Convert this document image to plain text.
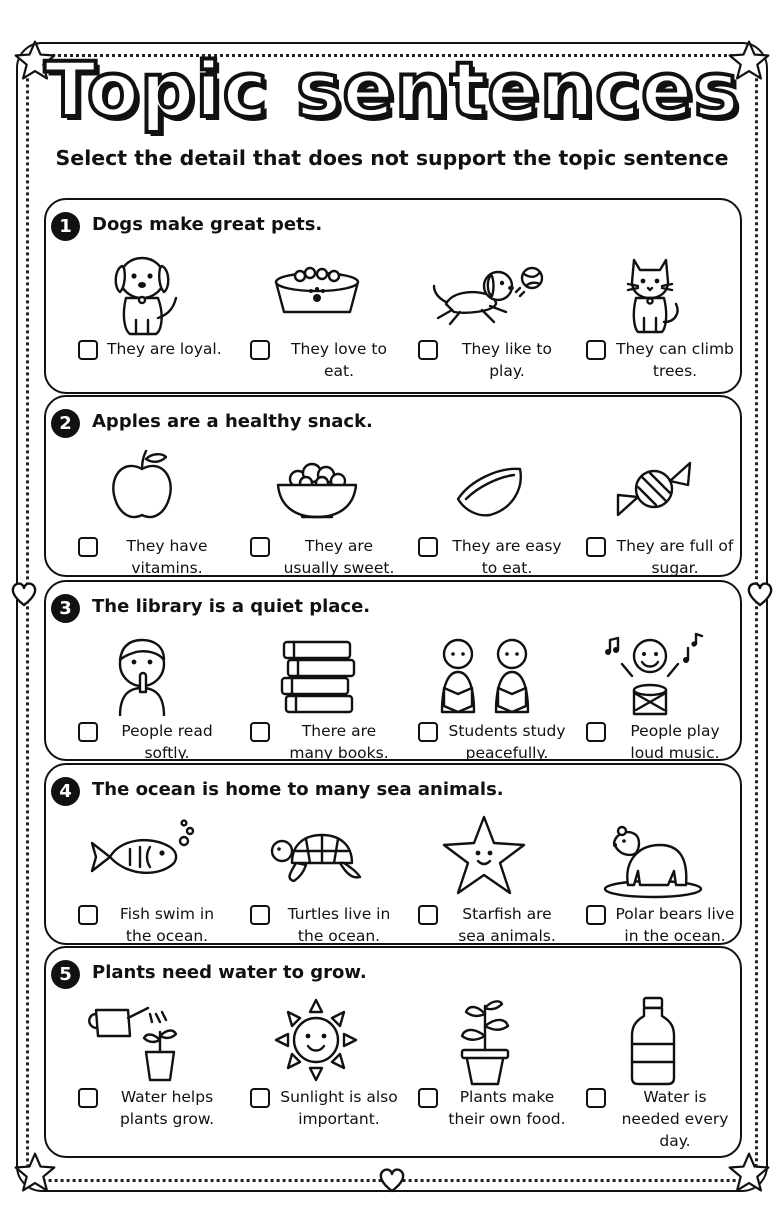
Topic sentences
Select the detail that does not support the topic sentence
1	Dogs make great pets.
They are loyal.	They love to eat.
They like to play.
They can climb trees.
2	Apples are a healthy snack.
They have vitamins.
They are usually sweet.
They are easy to eat.
They are full of sugar.
3	The library is a quiet place.
People read softly.
There are many books.
Students study peacefully.
People play loud music.
4	The ocean is home to many sea animals.
Fish swim in the ocean.
Turtles live in the ocean.
Starfish are sea animals.
Polar bears live in the ocean.
5	Plants need water to grow.
Water helps plants grow.
Sunlight is also important.
Plants make their own food.
Water is needed every day.
